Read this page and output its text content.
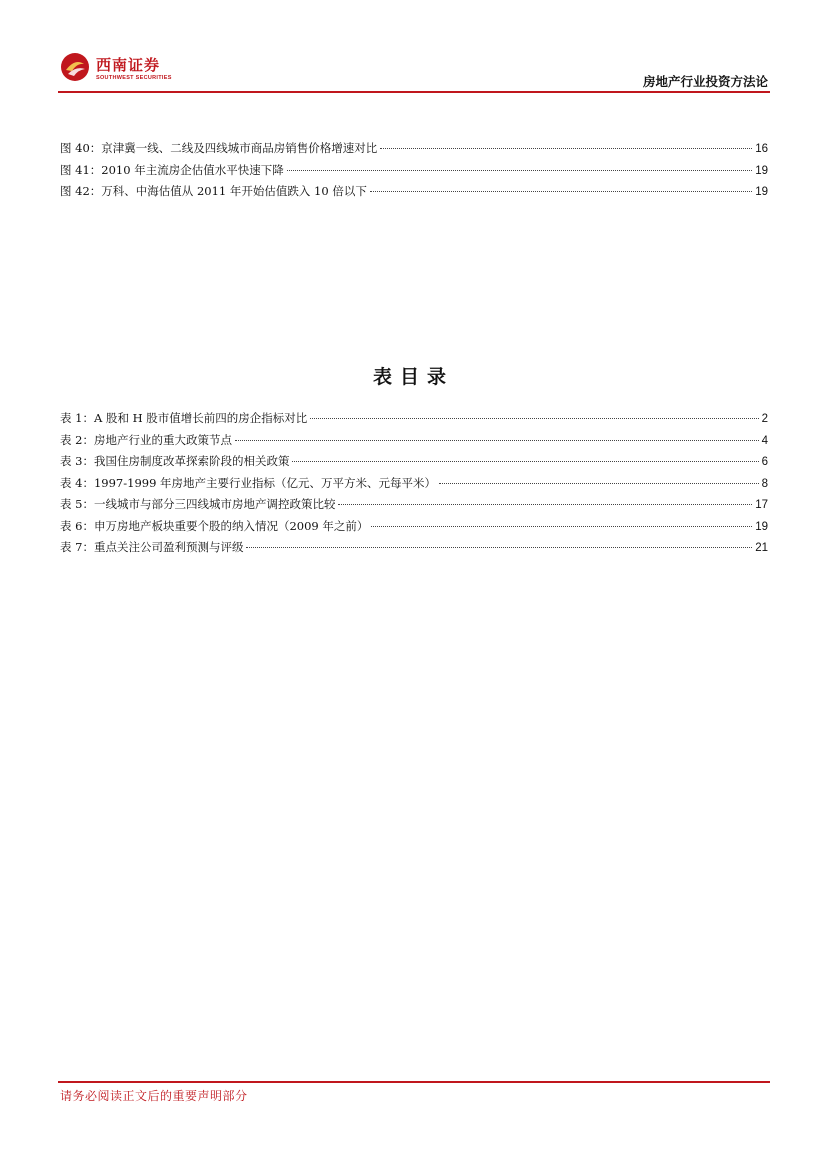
西南证券
SOUTHWEST SECURITIES	房地产行业投资方法论
图 40： 京津冀一线、二线及四线城市商品房销售价格增速对比	16
图 41： 2010 年主流房企估值水平快速下降	19
图 42： 万科、中海估值从 2011 年开始估值跌入 10 倍以下	19
表目录
表 1： A 股和 H 股市值增长前四的房企指标对比	2
表 2： 房地产行业的重大政策节点	4
表 3： 我国住房制度改革探索阶段的相关政策	6
表 4： 1997-1999 年房地产主要行业指标（亿元、万平方米、元每平米）	8
表 5： 一线城市与部分三四线城市房地产调控政策比较	17
表 6： 申万房地产板块重要个股的纳入情况（2009 年之前）	19
表 7： 重点关注公司盈利预测与评级	21
请务必阅读正文后的重要声明部分
